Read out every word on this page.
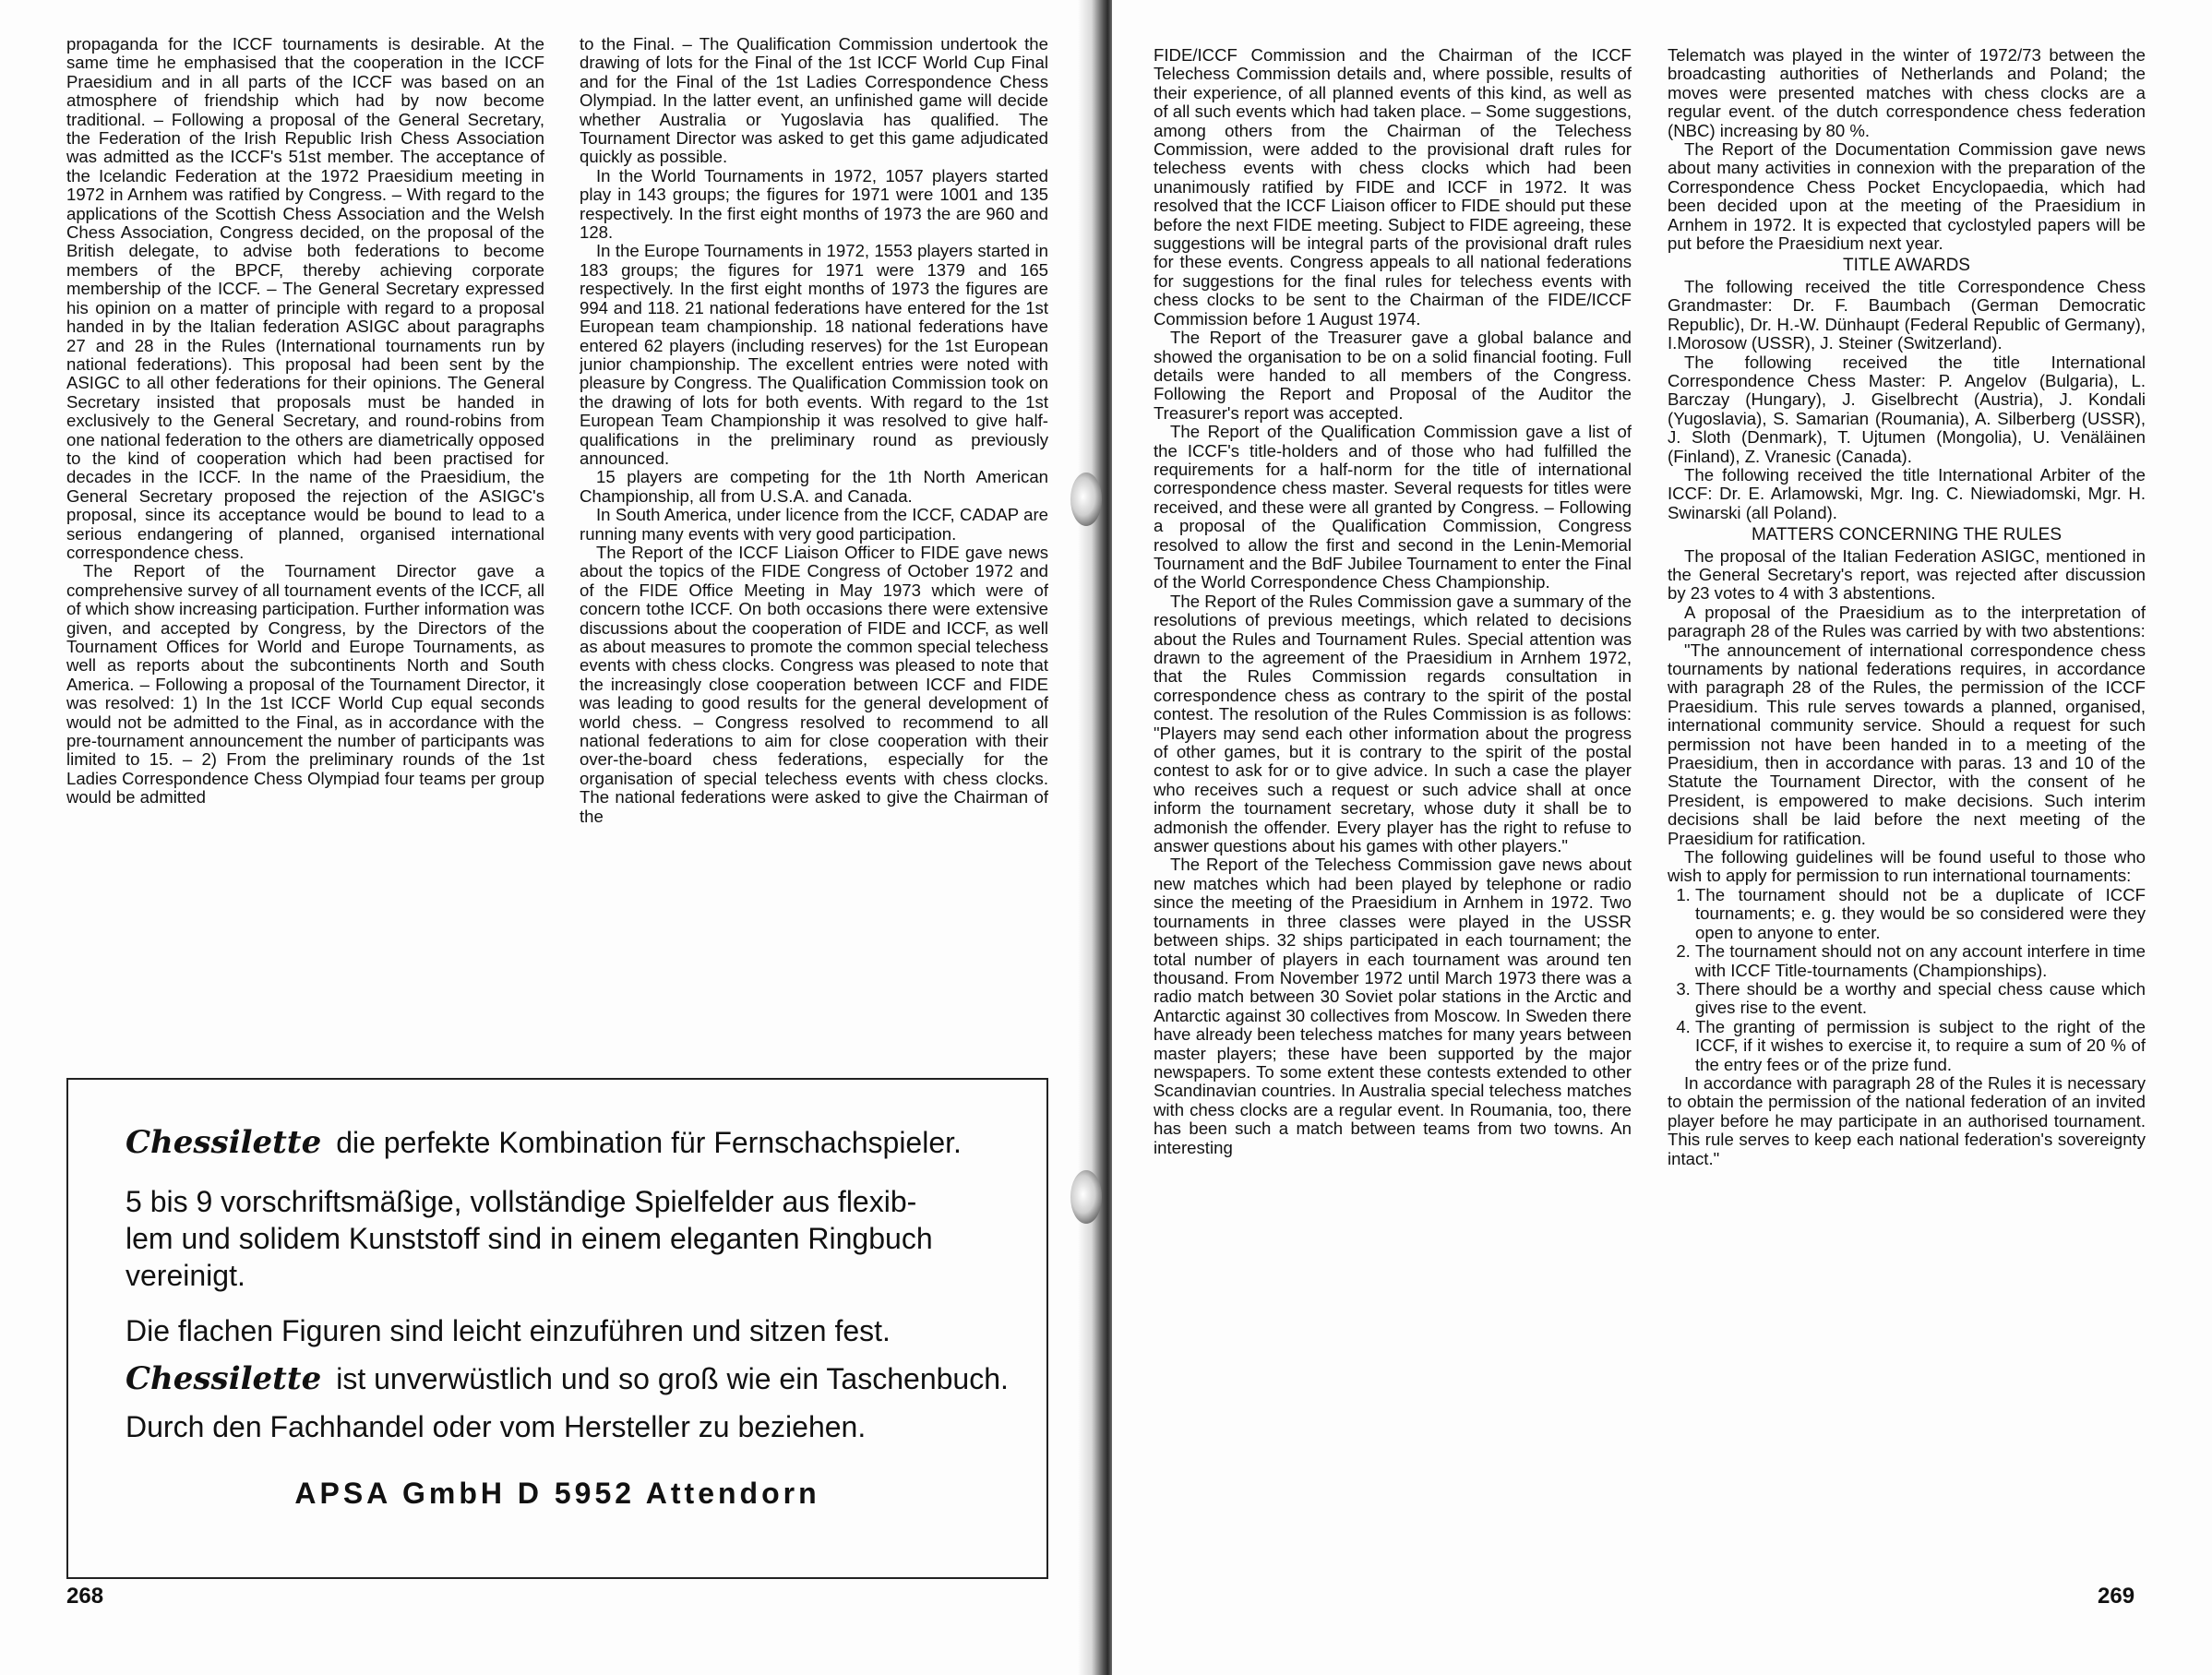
propaganda for the ICCF tournaments is desirable. At the same time he emphasised that the cooperation in the ICCF Praesidium and in all parts of the ICCF was based on an atmosphere of friendship which had by now become traditional. – Following a proposal of the General Secretary, the Federation of the Irish Republic Irish Chess Association was admitted as the ICCF's 51st member. The acceptance of the Icelandic Federation at the 1972 Praesidium meeting in 1972 in Arnhem was ratified by Congress. – With regard to the applications of the Scottish Chess Association and the Welsh Chess Association, Congress decided, on the proposal of the British delegate, to advise both federations to become members of the BPCF, thereby achieving corporate membership of the ICCF. – The General Secretary expressed his opinion on a matter of principle with regard to a proposal handed in by the Italian federation ASIGC about paragraphs 27 and 28 in the Rules (International tournaments run by national federations). This proposal had been sent by the ASIGC to all other federations for their opinions. The General Secretary insisted that proposals must be handed in exclusively to the General Secretary, and round-robins from one national federation to the others are diametrically opposed to the kind of cooperation which had been practised for decades in the ICCF. In the name of the Praesidium, the General Secretary proposed the rejection of the ASIGC's proposal, since its acceptance would be bound to lead to a serious endangering of planned, organised international correspondence chess.

The Report of the Tournament Director gave a comprehensive survey of all tournament events of the ICCF, all of which show increasing participation. Further information was given, and accepted by Congress, by the Directors of the Tournament Offices for World and Europe Tournaments, as well as reports about the subcontinents North and South America. – Following a proposal of the Tournament Director, it was resolved: 1) In the 1st ICCF World Cup equal seconds would not be admitted to the Final, as in accordance with the pre-tournament announcement the number of participants was limited to 15. – 2) From the preliminary rounds of the 1st Ladies Correspondence Chess Olympiad four teams per group would be admitted

to the Final. – The Qualification Commission undertook the drawing of lots for the Final of the 1st ICCF World Cup Final and for the Final of the 1st Ladies Correspondence Chess Olympiad. In the latter event, an unfinished game will decide whether Australia or Yugoslavia has qualified. The Tournament Director was asked to get this game adjudicated quickly as possible.

In the World Tournaments in 1972, 1057 players started play in 143 groups; the figures for 1971 were 1001 and 135 respectively. In the first eight months of 1973 the are 960 and 128.

In the Europe Tournaments in 1972, 1553 players started in 183 groups; the figures for 1971 were 1379 and 165 respectively. In the first eight months of 1973 the figures are 994 and 118. 21 national federations have entered for the 1st European team championship. 18 national federations have entered 62 players (including reserves) for the 1st European junior championship. The excellent entries were noted with pleasure by Congress. The Qualification Commission took on the drawing of lots for both events. With regard to the 1st European Team Championship it was resolved to give half-qualifications in the preliminary round as previously announced.

15 players are competing for the 1th North American Championship, all from U.S.A. and Canada.

In South America, under licence from the ICCF, CADAP are running many events with very good participation.

The Report of the ICCF Liaison Officer to FIDE gave news about the topics of the FIDE Congress of October 1972 and of the FIDE Office Meeting in May 1973 which were of concern tothe ICCF. On both occasions there were extensive discussions about the cooperation of FIDE and ICCF, as well as about measures to promote the common special telechess events with chess clocks. Congress was pleased to note that the increasingly close cooperation between ICCF and FIDE was leading to good results for the general development of world chess. – Congress resolved to recommend to all national federations to aim for close cooperation with their over-the-board chess federations, especially for the organisation of special telechess events with chess clocks. The national federations were asked to give the Chairman of the

Chessilette die perfekte Kombination für Fernschachspieler.
5 bis 9 vorschriftsmäßige, vollständige Spielfelder aus flexib-
lem und solidem Kunststoff sind in einem eleganten Ringbuch
vereinigt.
Die flachen Figuren sind leicht einzuführen und sitzen fest.
Chessilette ist unverwüstlich und so groß wie ein Taschenbuch.
Durch den Fachhandel oder vom Hersteller zu beziehen.
APSA GmbH D 5952 Attendorn
268

FIDE/ICCF Commission and the Chairman of the ICCF Telechess Commission details and, where possible, results of their experience, of all planned events of this kind, as well as of all such events which had taken place. – Some suggestions, among others from the Chairman of the Telechess Commission, were added to the provisional draft rules for telechess events with chess clocks which had been unanimously ratified by FIDE and ICCF in 1972. It was resolved that the ICCF Liaison officer to FIDE should put these before the next FIDE meeting. Subject to FIDE agreeing, these suggestions will be integral parts of the provisional draft rules for these events. Congress appeals to all national federations for suggestions for the final rules for telechess events with chess clocks to be sent to the Chairman of the FIDE/ICCF Commission before 1 August 1974.

The Report of the Treasurer gave a global balance and showed the organisation to be on a solid financial footing. Full details were handed to all members of the Congress. Following the Report and Proposal of the Auditor the Treasurer's report was accepted.

The Report of the Qualification Commission gave a list of the ICCF's title-holders and of those who had fulfilled the requirements for a half-norm for the title of international correspondence chess master. Several requests for titles were received, and these were all granted by Congress. – Following a proposal of the Qualification Commission, Congress resolved to allow the first and second in the Lenin-Memorial Tournament and the BdF Jubilee Tournament to enter the Final of the World Correspondence Chess Championship.

The Report of the Rules Commission gave a summary of the resolutions of previous meetings, which related to decisions about the Rules and Tournament Rules. Special attention was drawn to the agreement of the Praesidium in Arnhem 1972, that the Rules Commission regards consultation in correspondence chess as contrary to the spirit of the postal contest. The resolution of the Rules Commission is as follows: "Players may send each other information about the progress of other games, but it is contrary to the spirit of the postal contest to ask for or to give advice. In such a case the player who receives such a request or such advice shall at once inform the tournament secretary, whose duty it shall be to admonish the offender. Every player has the right to refuse to answer questions about his games with other players."

The Report of the Telechess Commission gave news about new matches which had been played by telephone or radio since the meeting of the Praesidium in Arnhem in 1972. Two tournaments in three classes were played in the USSR between ships. 32 ships participated in each tournament; the total number of players in each tournament was around ten thousand. From November 1972 until March 1973 there was a radio match between 30 Soviet polar stations in the Arctic and Antarctic against 30 collectives from Moscow. In Sweden there have already been telechess matches for many years between master players; these have been supported by the major newspapers. To some extent these contests extended to other Scandinavian countries. In Australia special telechess matches with chess clocks are a regular event. In Roumania, too, there has been such a match between teams from two towns. An interesting

Telematch was played in the winter of 1972/73 between the broadcasting authorities of Netherlands and Poland; the moves were presented matches with chess clocks are a regular event. of the dutch correspondence chess federation (NBC) increasing by 80 %.

The Report of the Documentation Commission gave news about many activities in connexion with the preparation of the Correspondence Chess Pocket Encyclopaedia, which had been decided upon at the meeting of the Praesidium in Arnhem in 1972. It is expected that cyclostyled papers will be put before the Praesidium next year.

TITLE AWARDS

The following received the title Correspondence Chess Grandmaster: Dr. F. Baumbach (German Democratic Republic), Dr. H.-W. Dünhaupt (Federal Republic of Germany), I.Morosow (USSR), J. Steiner (Switzerland).

The following received the title International Correspondence Chess Master: P. Angelov (Bulgaria), L. Barczay (Hungary), J. Giselbrecht (Austria), J. Kondali (Yugoslavia), S. Samarian (Roumania), A. Silberberg (USSR), J. Sloth (Denmark), T. Ujtumen (Mongolia), U. Venäläinen (Finland), Z. Vranesic (Canada).

The following received the title International Arbiter of the ICCF: Dr. E. Arlamowski, Mgr. Ing. C. Niewiadomski, Mgr. H. Swinarski (all Poland).

MATTERS CONCERNING THE RULES

The proposal of the Italian Federation ASIGC, mentioned in the General Secretary's report, was rejected after discussion by 23 votes to 4 with 3 abstentions.

A proposal of the Praesidium as to the interpretation of paragraph 28 of the Rules was carried by with two abstentions:

"The announcement of international correspondence chess tournaments by national federations requires, in accordance with paragraph 28 of the Rules, the permission of the ICCF Praesidium. This rule serves towards a planned, organised, international community service. Should a request for such permission not have been handed in to a meeting of the Praesidium, then in accordance with paras. 13 and 10 of the Statute the Tournament Director, with the consent of he President, is empowered to make decisions. Such interim decisions shall be laid before the next meeting of the Praesidium for ratification.

The following guidelines will be found useful to those who wish to apply for permission to run international tournaments:

1. The tournament should not be a duplicate of ICCF tournaments; e. g. they would be so considered were they open to anyone to enter.
2. The tournament should not on any account interfere in time with ICCF Title-tournaments (Championships).
3. There should be a worthy and special chess cause which gives rise to the event.
4. The granting of permission is subject to the right of the ICCF, if it wishes to exercise it, to require a sum of 20 % of the entry fees or of the prize fund.

In accordance with paragraph 28 of the Rules it is necessary to obtain the permission of the national federation of an invited player before he may participate in an authorised tournament. This rule serves to keep each national federation's sovereignty intact."

269
